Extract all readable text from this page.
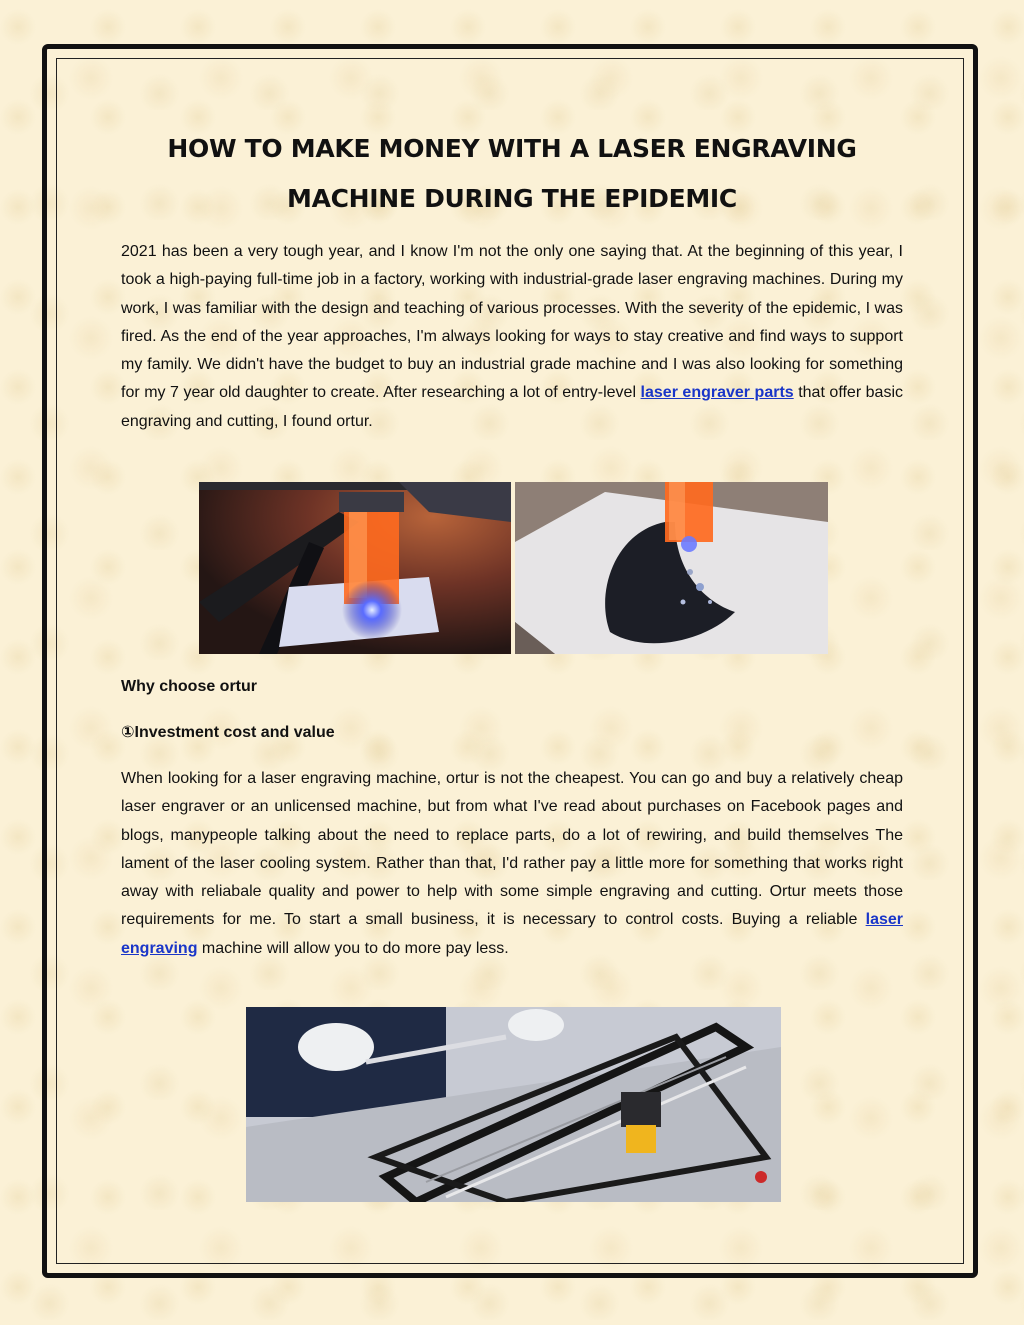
HOW TO MAKE MONEY WITH A LASER ENGRAVING
MACHINE DURING THE EPIDEMIC

2021 has been a very tough year, and I know I'm not the only one saying that. At the beginning of this year, I took a high-paying full-time job in a factory, working with industrial-grade laser engraving machines. During my work, I was familiar with the design and teaching of various processes. With the severity of the epidemic, I was fired. As the end of the year approaches, I'm always looking for ways to stay creative and find ways to support my family. We didn't have the budget to buy an industrial grade machine and I was also looking for something for my 7 year old daughter to create. After researching a lot of entry-level laser engraver parts that offer basic engraving and cutting, I found ortur.

Why choose ortur
①Investment cost and value

When looking for a laser engraving machine, ortur is not the cheapest. You can go and buy a relatively cheap laser engraver or an unlicensed machine, but from what I've read about purchases on Facebook pages and blogs, manypeople talking about the need to replace parts, do a lot of rewiring, and build themselves The lament of the laser cooling system. Rather than that, I'd rather pay a little more for something that works right away with reliabale quality and power to help with some simple engraving and cutting. Ortur meets those requirements for me. To start a small business, it is necessary to control costs. Buying a reliable laser engraving machine will allow you to do more pay less.
